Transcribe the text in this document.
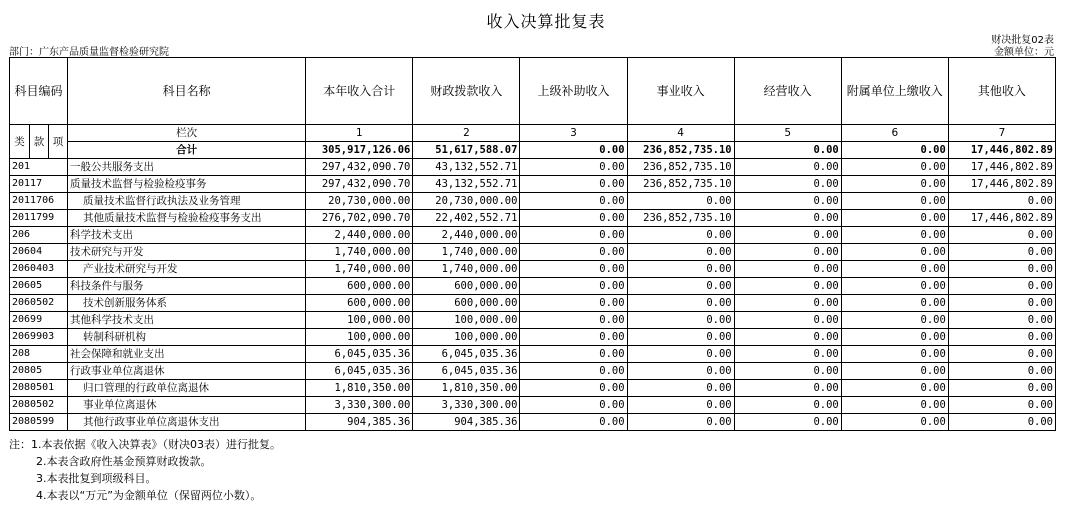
收入决算批复表
财决批复02表
部门：广东产品质量监督检验研究院	金额单位：元
科目编码			科目名称	本年收入合计	财政拨款收入	上级补助收入	事业收入	经营收入	附属单位上缴收入	其他收入
类	款	项	栏次	1	2	3	4	5	6	7
			合计	305,917,126.06	51,617,588.07	0.00	236,852,735.10	0.00	0.00	17,446,802.89
201			一般公共服务支出	297,432,090.70	43,132,552.71	0.00	236,852,735.10	0.00	0.00	17,446,802.89
20117			质量技术监督与检验检疫事务	297,432,090.70	43,132,552.71	0.00	236,852,735.10	0.00	0.00	17,446,802.89
2011706			质量技术监督行政执法及业务管理	20,730,000.00	20,730,000.00	0.00	0.00	0.00	0.00	0.00
2011799			其他质量技术监督与检验检疫事务支出	276,702,090.70	22,402,552.71	0.00	236,852,735.10	0.00	0.00	17,446,802.89
206			科学技术支出	2,440,000.00	2,440,000.00	0.00	0.00	0.00	0.00	0.00
20604			技术研究与开发	1,740,000.00	1,740,000.00	0.00	0.00	0.00	0.00	0.00
2060403			产业技术研究与开发	1,740,000.00	1,740,000.00	0.00	0.00	0.00	0.00	0.00
20605			科技条件与服务	600,000.00	600,000.00	0.00	0.00	0.00	0.00	0.00
2060502			技术创新服务体系	600,000.00	600,000.00	0.00	0.00	0.00	0.00	0.00
20699			其他科学技术支出	100,000.00	100,000.00	0.00	0.00	0.00	0.00	0.00
2069903			转制科研机构	100,000.00	100,000.00	0.00	0.00	0.00	0.00	0.00
208			社会保障和就业支出	6,045,035.36	6,045,035.36	0.00	0.00	0.00	0.00	0.00
20805			行政事业单位离退休	6,045,035.36	6,045,035.36	0.00	0.00	0.00	0.00	0.00
2080501			归口管理的行政单位离退休	1,810,350.00	1,810,350.00	0.00	0.00	0.00	0.00	0.00
2080502			事业单位离退休	3,330,300.00	3,330,300.00	0.00	0.00	0.00	0.00	0.00
2080599			其他行政事业单位离退休支出	904,385.36	904,385.36	0.00	0.00	0.00	0.00	0.00
注：1.本表依据《收入决算表》（财决03表）进行批复。
2.本表含政府性基金预算财政拨款。
3.本表批复到项级科目。
4.本表以“万元”为金额单位（保留两位小数）。
